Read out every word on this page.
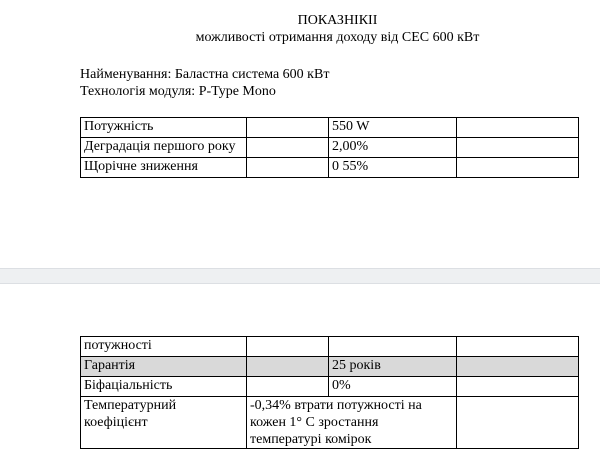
ПОКАЗНІКІІ
можливості отримання доходу від СЕС 600 кВт
Найменування: Баластна система 600 кВт
Технологія модуля: P-Type Mono
Потужність		550 W	
Деградація першого року		2,00%	
Щорічне зниження		0 55%	
потужності			
Гарантія		25 років	
Біфаціальність		0%	
Температурний коефіцієнт	-0,34% втрати потужності на кожен 1° С зростання температурі комірок		
